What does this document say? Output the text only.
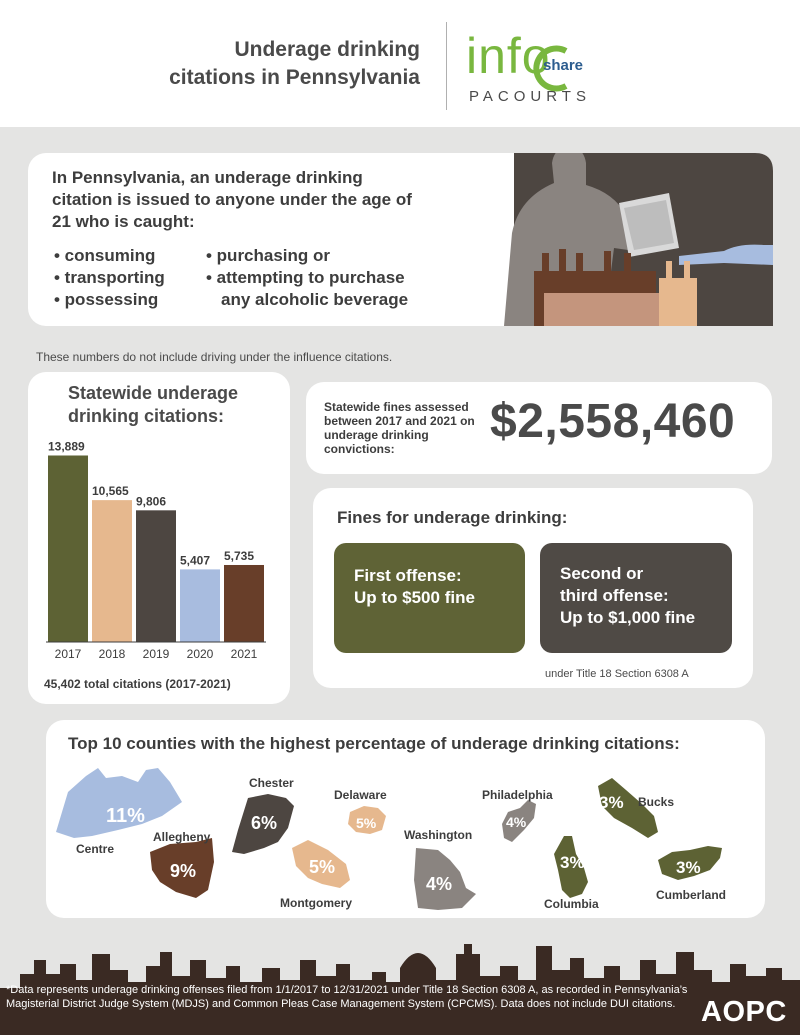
Underage drinking
citations in Pennsylvania info
share
PACOURTS
In Pennsylvania, an underage drinking citation is issued to anyone under the age of 21 who is caught:
• consuming
• transporting
• possessing
• purchasing or
• attempting to purchase
any alcoholic beverage
These numbers do not include driving under the influence citations.
13,889
2017
10,565
2018
9,806
2019
5,407
2020
5,735
2021
Statewide underage
drinking citations:
45,402 total citations (2017-2021)
Statewide fines assessed between 2017 and 2021 on underage drinking convictions:
$2,558,460
Fines for underage drinking:
First offense:
Up to $500 fine
Second or
third offense:
Up to $1,000 fine
under Title 18 Section 6308 A
Top 10 counties with the highest percentage of underage drinking citations:
11%
Centre
9%
Allegheny
6%
Chester
5%
Montgomery
5%
Delaware
4%
Washington
4%
Philadelphia
3%
Columbia
3% Bucks
3%
Cumberland
*Data represents underage drinking offenses filed from 1/1/2017 to 12/31/2021 under Title 18 Section 6308 A, as recorded in Pennsylvania’s Magisterial District Judge System (MDJS) and Common Pleas Case Management System (CPCMS). Data does not include DUI citations. AOPC
